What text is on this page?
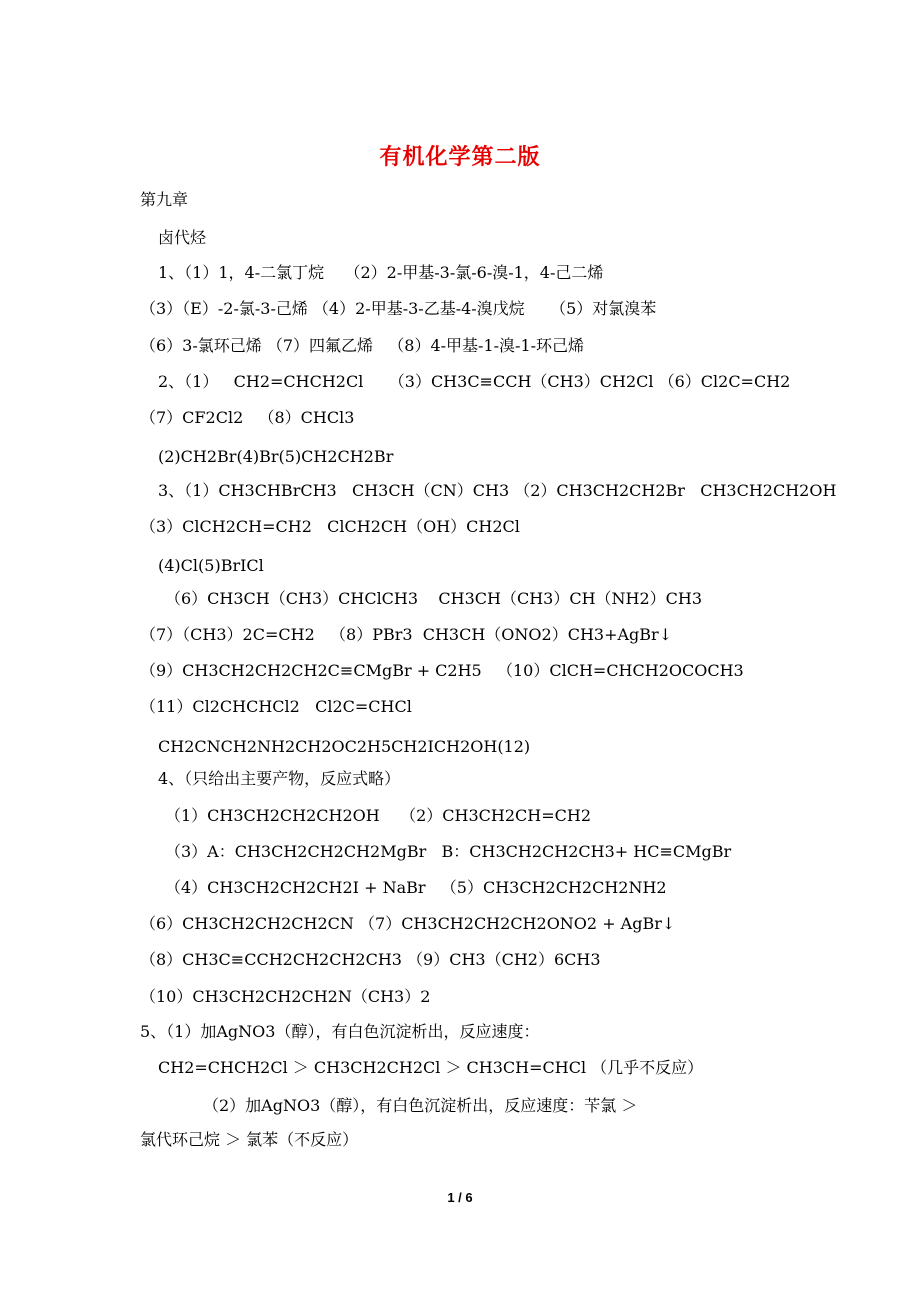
有机化学第二版
第九章
卤代烃
1、（1）1，4-二氯丁烷    （2）2-甲基-3-氯-6-溴-1，4-己二烯
（3）（E）-2-氯-3-己烯 （4）2-甲基-3-乙基-4-溴戊烷     （5）对氯溴苯
（6）3-氯环己烯 （7）四氟乙烯   （8）4-甲基-1-溴-1-环己烯
2、（1）   CH2=CHCH2Cl     （3）CH3C≡CCH（CH3）CH2Cl （6）Cl2C=CH2
（7）CF2Cl2   （8）CHCl3
(2)CH2Br(4)Br(5)CH2CH2Br
3、（1）CH3CHBrCH3   CH3CH（CN）CH3 （2）CH3CH2CH2Br   CH3CH2CH2OH
（3）ClCH2CH=CH2   ClCH2CH（OH）CH2Cl
(4)Cl(5)BrICl
（6）CH3CH（CH3）CHClCH3    CH3CH（CH3）CH（NH2）CH3
（7）（CH3）2C=CH2   （8）PBr3  CH3CH（ONO2）CH3+AgBr↓
（9）CH3CH2CH2CH2C≡CMgBr + C2H5   （10）ClCH=CHCH2OCOCH3
（11）Cl2CHCHCl2   Cl2C=CHCl
CH2CNCH2NH2CH2OC2H5CH2ICH2OH(12)
4、（只给出主要产物，反应式略）
（1）CH3CH2CH2CH2OH    （2）CH3CH2CH=CH2
（3）A：CH3CH2CH2CH2MgBr   B：CH3CH2CH2CH3+ HC≡CMgBr
（4）CH3CH2CH2CH2I + NaBr   （5）CH3CH2CH2CH2NH2
（6）CH3CH2CH2CH2CN （7）CH3CH2CH2CH2ONO2 + AgBr↓
（8）CH3C≡CCH2CH2CH2CH3 （9）CH3（CH2）6CH3
（10）CH3CH2CH2CH2N（CH3）2
5、（1）加AgNO3（醇），有白色沉淀析出，反应速度：
CH2=CHCH2Cl ＞ CH3CH2CH2Cl ＞ CH3CH=CHCl （几乎不反应）
（2）加AgNO3（醇），有白色沉淀析出，反应速度：苄氯 ＞
氯代环己烷 ＞ 氯苯（不反应）
1 / 6
